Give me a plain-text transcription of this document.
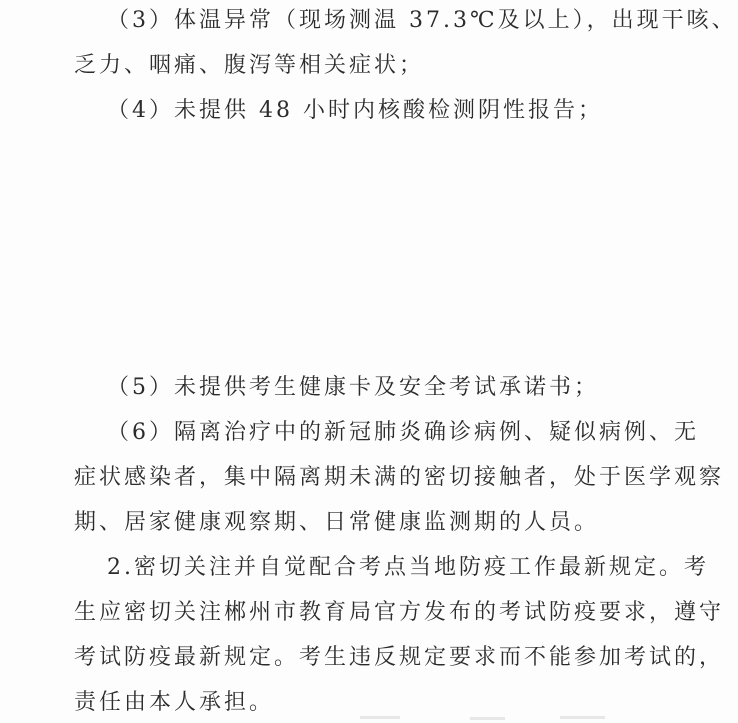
（3）体温异常（现场测温 37.3℃及以上），出现干咳、
乏力、咽痛、腹泻等相关症状；
（4）未提供 48 小时内核酸检测阴性报告；
（5）未提供考生健康卡及安全考试承诺书；
（6）隔离治疗中的新冠肺炎确诊病例、疑似病例、无
症状感染者，集中隔离期未满的密切接触者，处于医学观察
期、居家健康观察期、日常健康监测期的人员。
2.密切关注并自觉配合考点当地防疫工作最新规定。考
生应密切关注郴州市教育局官方发布的考试防疫要求，遵守
考试防疫最新规定。考生违反规定要求而不能参加考试的，
责任由本人承担。
